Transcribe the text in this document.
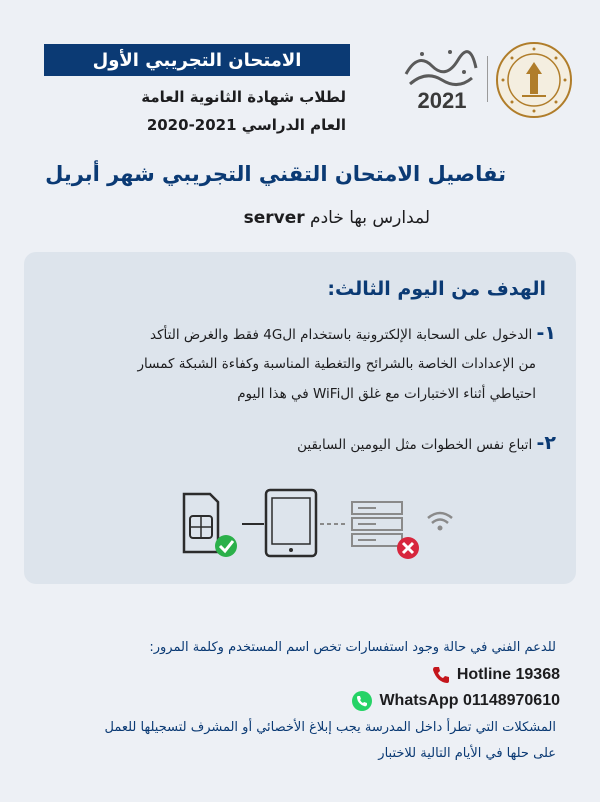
الامتحان التجريبي الأول
لطلاب شهادة الثانوية العامة
العام الدراسي 2021-2020
2021
تفاصيل الامتحان التقني التجريبي شهر أبريل
لمدارس بها خادم server
الهدف من اليوم الثالث:
١- الدخول على السحابة الإلكترونية باستخدام ال4G فقط والغرض التأكد
من الإعدادات الخاصة بالشرائح والتغطية المناسبة وكفاءة الشبكة كمسار
احتياطي أثناء الاختبارات مع غلق الWiFi في هذا اليوم
٢- اتباع نفس الخطوات مثل اليومين السابقين
للدعم الفني في حالة وجود استفسارات تخص اسم المستخدم وكلمة المرور:
Hotline 19368
WhatsApp 01148970610
المشكلات التي تطرأ داخل المدرسة يجب إبلاغ الأخصائي أو المشرف لتسجيلها للعمل
على حلها في الأيام التالية للاختبار
